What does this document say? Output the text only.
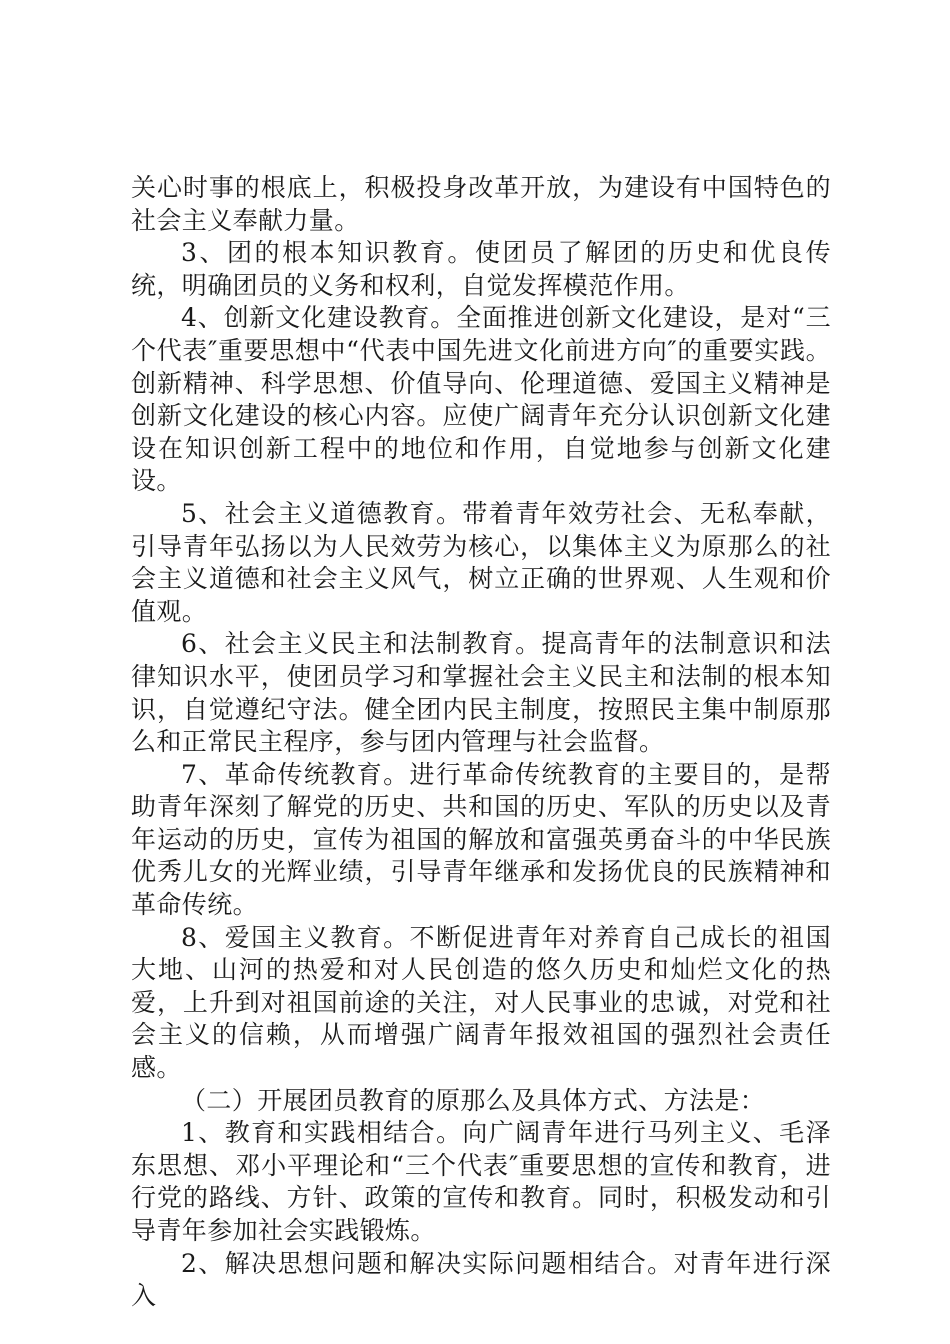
关心时事的根底上，积极投身改革开放，为建设有中国特色的社会主义奉献力量。

3、团的根本知识教育。使团员了解团的历史和优良传统，明确团员的义务和权利，自觉发挥模范作用。

4、创新文化建设教育。全面推进创新文化建设，是对“三个代表″重要思想中“代表中国先进文化前进方向″的重要实践。创新精神、科学思想、价值导向、伦理道德、爱国主义精神是创新文化建设的核心内容。应使广阔青年充分认识创新文化建设在知识创新工程中的地位和作用，自觉地参与创新文化建设。

5、社会主义道德教育。带着青年效劳社会、无私奉献，引导青年弘扬以为人民效劳为核心，以集体主义为原那么的社会主义道德和社会主义风气，树立正确的世界观、人生观和价值观。

6、社会主义民主和法制教育。提高青年的法制意识和法律知识水平，使团员学习和掌握社会主义民主和法制的根本知识，自觉遵纪守法。健全团内民主制度，按照民主集中制原那么和正常民主程序，参与团内管理与社会监督。

7、革命传统教育。进行革命传统教育的主要目的，是帮助青年深刻了解党的历史、共和国的历史、军队的历史以及青年运动的历史，宣传为祖国的解放和富强英勇奋斗的中华民族优秀儿女的光辉业绩，引导青年继承和发扬优良的民族精神和革命传统。

8、爱国主义教育。不断促进青年对养育自己成长的祖国大地、山河的热爱和对人民创造的悠久历史和灿烂文化的热爱，上升到对祖国前途的关注，对人民事业的忠诚，对党和社会主义的信赖，从而增强广阔青年报效祖国的强烈社会责任感。

（二）开展团员教育的原那么及具体方式、方法是：

1、教育和实践相结合。向广阔青年进行马列主义、毛泽东思想、邓小平理论和“三个代表″重要思想的宣传和教育，进行党的路线、方针、政策的宣传和教育。同时，积极发动和引导青年参加社会实践锻炼。

2、解决思想问题和解决实际问题相结合。对青年进行深入
